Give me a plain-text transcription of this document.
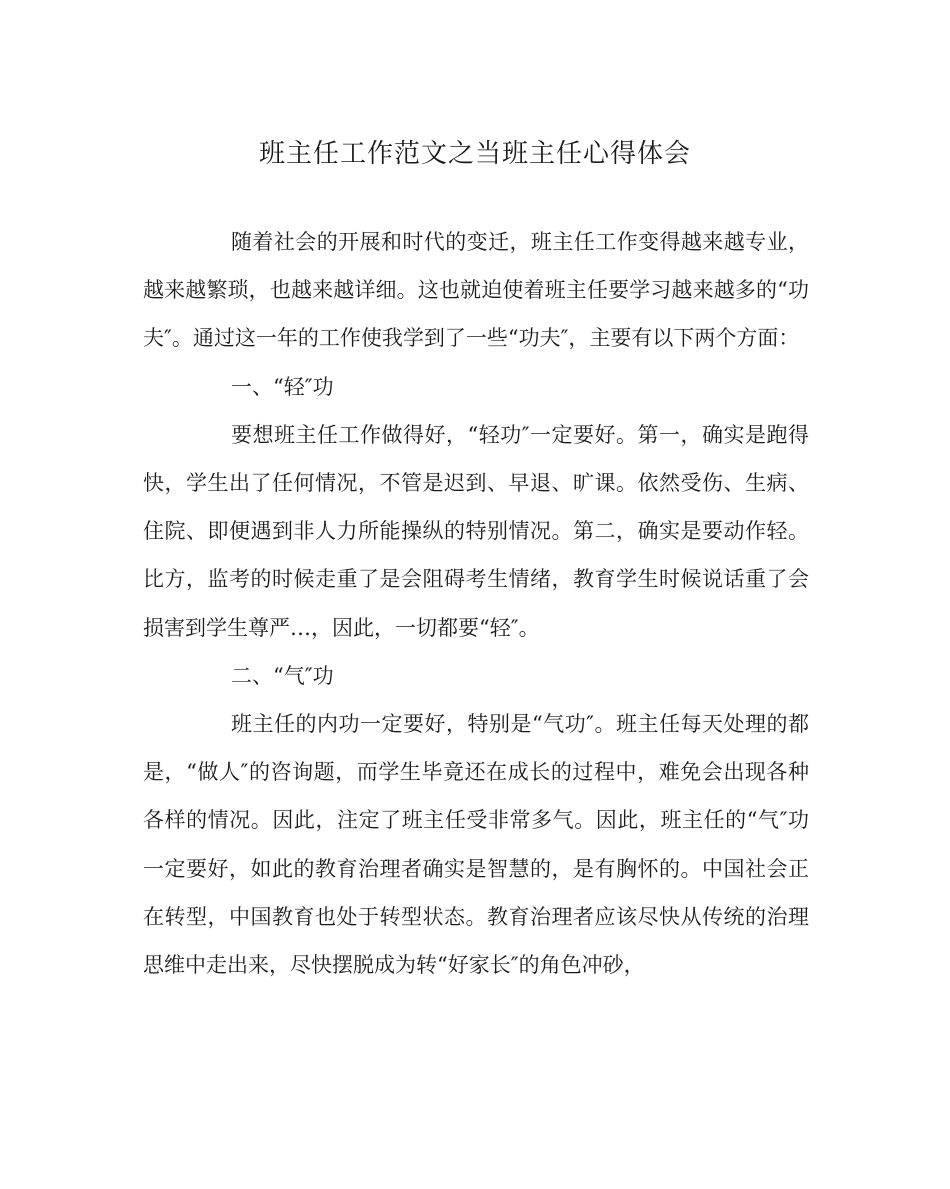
班主任工作范文之当班主任心得体会

随着社会的开展和时代的变迁，班主任工作变得越来越专业，越来越繁琐，也越来越详细。这也就迫使着班主任要学习越来越多的“功夫″。通过这一年的工作使我学到了一些“功夫″，主要有以下两个方面：

一、“轻″功

要想班主任工作做得好，“轻功″一定要好。第一，确实是跑得快，学生出了任何情况，不管是迟到、早退、旷课。依然受伤、生病、住院、即便遇到非人力所能操纵的特别情况。第二，确实是要动作轻。比方，监考的时候走重了是会阻碍考生情绪，教育学生时候说话重了会损害到学生尊严…，因此，一切都要“轻″。

二、“气″功

班主任的内功一定要好，特别是“气功″。班主任每天处理的都是，“做人″的咨询题，而学生毕竟还在成长的过程中，难免会出现各种各样的情况。因此，注定了班主任受非常多气。因此，班主任的“气″功一定要好，如此的教育治理者确实是智慧的，是有胸怀的。中国社会正在转型，中国教育也处于转型状态。教育治理者应该尽快从传统的治理思维中走出来，尽快摆脱成为转“好家长″的角色冲砂，
